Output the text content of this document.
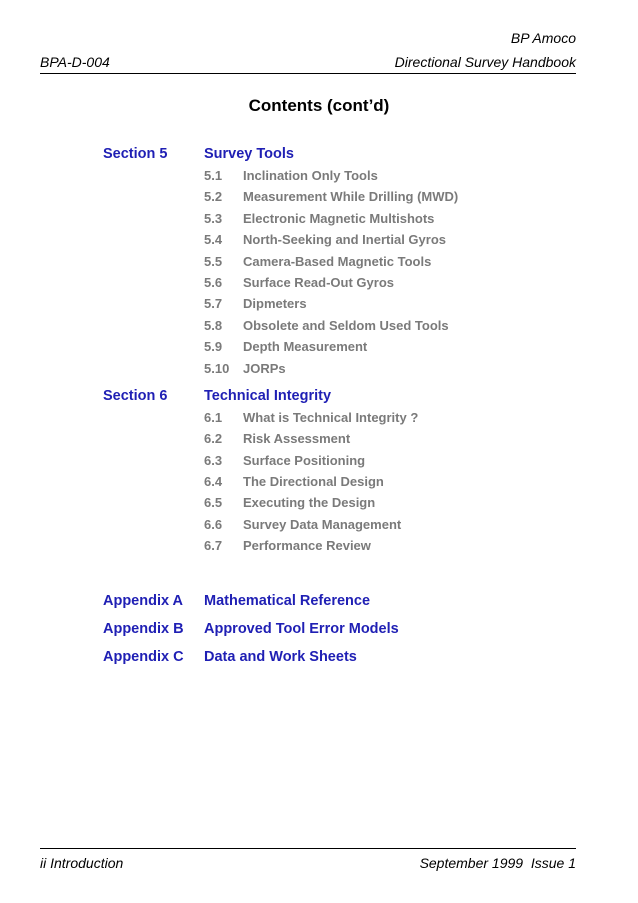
BP Amoco
BPA-D-004	Directional Survey Handbook
Contents (cont’d)
Section 5	Survey Tools
5.1	Inclination Only Tools
5.2	Measurement While Drilling (MWD)
5.3	Electronic Magnetic Multishots
5.4	North-Seeking and Inertial Gyros
5.5	Camera-Based Magnetic Tools
5.6	Surface Read-Out Gyros
5.7	Dipmeters
5.8	Obsolete and Seldom Used Tools
5.9	Depth Measurement
5.10	JORPs
Section 6	Technical Integrity
6.1	What is Technical Integrity ?
6.2	Risk Assessment
6.3	Surface Positioning
6.4	The Directional Design
6.5	Executing the Design
6.6	Survey Data Management
6.7	Performance Review
Appendix A	Mathematical Reference
Appendix B	Approved Tool Error Models
Appendix C	Data and Work Sheets
ii Introduction	September 1999  Issue 1
